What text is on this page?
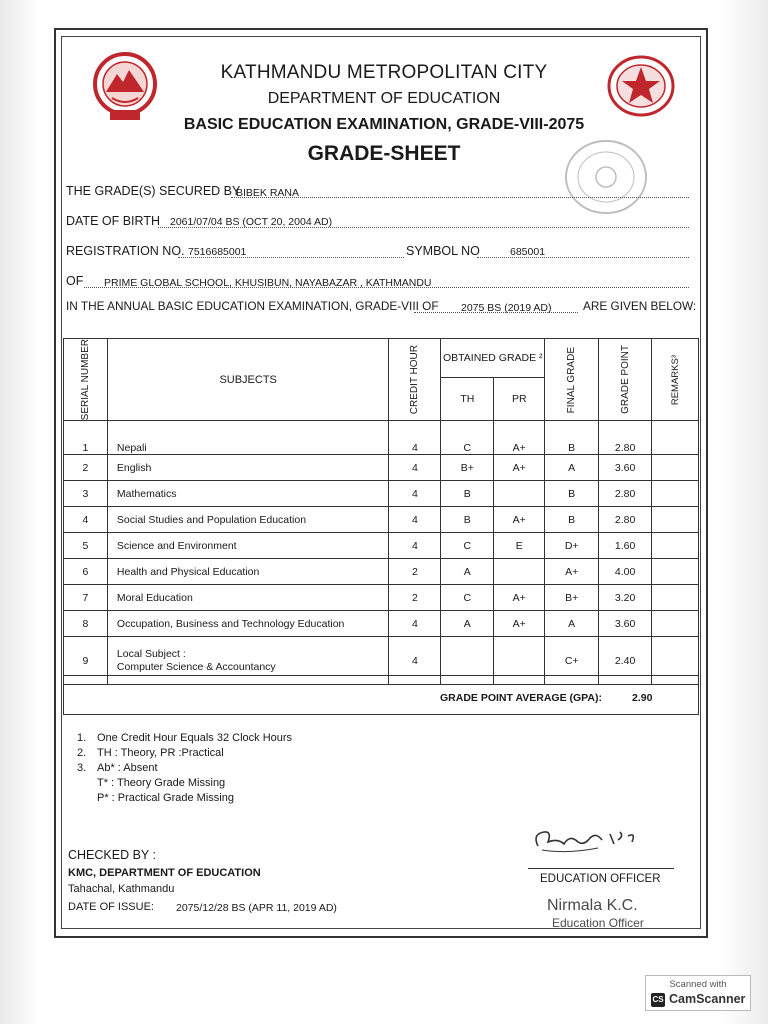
KATHMANDU METROPOLITAN CITY
DEPARTMENT OF EDUCATION
BASIC EDUCATION EXAMINATION, GRADE-VIII-2075
GRADE-SHEET
THE GRADE(S) SECURED BY
BIBEK RANA
DATE OF BIRTH 2061/07/04 BS (OCT 20, 2004 AD)
REGISTRATION NO. 7516685001	SYMBOL NO	685001
OF PRIME GLOBAL SCHOOL, KHUSIBUN, NAYABAZAR , KATHMANDU
IN THE ANNUAL BASIC EDUCATION EXAMINATION, GRADE-VIII OF 2075 BS (2019 AD)	ARE GIVEN BELOW:
SERIAL NUMBER	SUBJECTS	CREDIT HOUR	OBTAINED GRADE ²		FINAL GRADE	GRADE POINT	REMARKS³

			TH	PR			
1	Nepali	4	C	A+	B	2.80	
2	English	4	B+	A+	A	3.60	
3	Mathematics	4	B		B	2.80	
4	Social Studies and Population Education	4	B	A+	B	2.80	
5	Science and Environment	4	C	E	D+	1.60	
6	Health and Physical Education	2	A		A+	4.00	
7	Moral Education	2	C	A+	B+	3.20	
8	Occupation, Business and Technology Education	4	A	A+	A	3.60	
9	Local Subject :
Computer Science & Accountancy	4			C+	2.40	
GRADE POINT AVERAGE (GPA):	2.90
1. One Credit Hour Equals 32 Clock Hours
2. TH : Theory, PR :Practical
3. Ab* : Absent
T* : Theory Grade Missing
P* : Practical Grade Missing
EDUCATION OFFICER
Nirmala K.C.
Education Officer
CHECKED BY :
KMC, DEPARTMENT OF EDUCATION
Tahachal, Kathmandu
DATE OF ISSUE: 2075/12/28 BS (APR 11, 2019 AD)
Scanned with
CS CamScanner
